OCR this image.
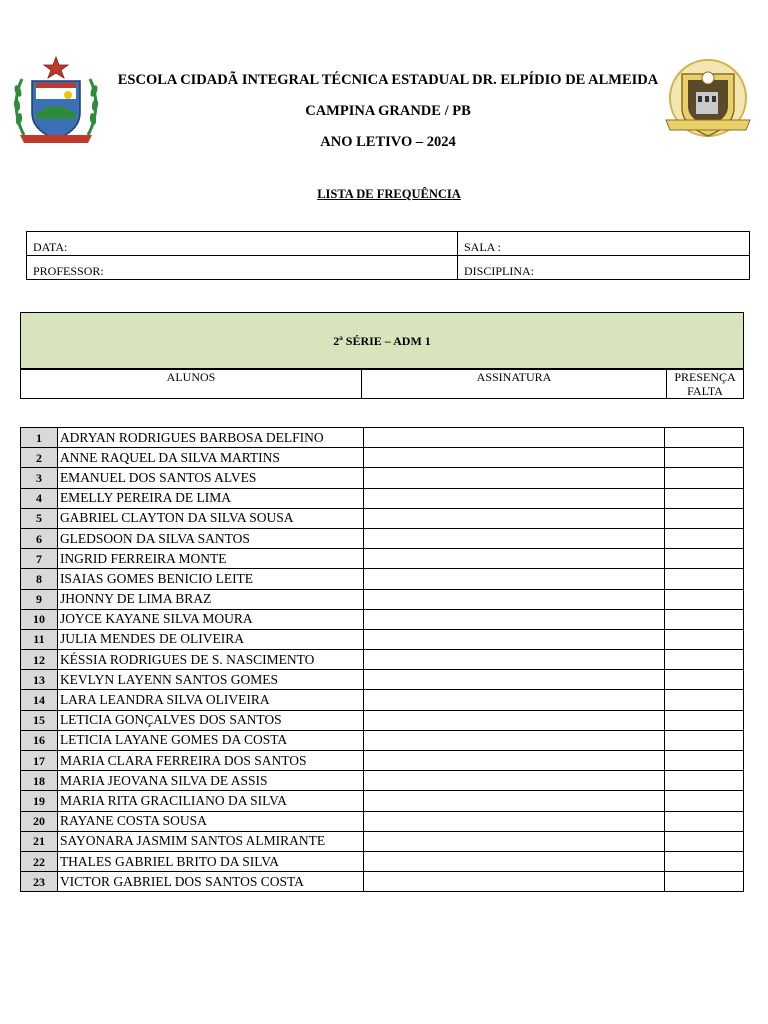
ESCOLA CIDADÃ INTEGRAL TÉCNICA ESTADUAL DR. ELPÍDIO DE ALMEIDA
CAMPINA GRANDE / PB
ANO LETIVO – 2024
LISTA DE FREQUÊNCIA
DATA:	SALA :
PROFESSOR:	DISCIPLINA:
2ª SÉRIE – ADM 1
ALUNOS	ASSINATURA	PRESENÇA
FALTA
1	ADRYAN RODRIGUES BARBOSA DELFINO		
2	ANNE RAQUEL DA SILVA MARTINS		
3	EMANUEL DOS SANTOS ALVES		
4	EMELLY PEREIRA DE LIMA		
5	GABRIEL CLAYTON DA SILVA SOUSA		
6	GLEDSOON DA SILVA SANTOS		
7	INGRID FERREIRA MONTE		
8	ISAIAS GOMES BENICIO LEITE		
9	JHONNY DE LIMA BRAZ		
10	JOYCE KAYANE SILVA MOURA		
11	JULIA MENDES DE OLIVEIRA		
12	KÉSSIA RODRIGUES DE S. NASCIMENTO		
13	KEVLYN LAYENN SANTOS GOMES		
14	LARA LEANDRA SILVA OLIVEIRA		
15	LETICIA GONÇALVES DOS SANTOS		
16	LETICIA LAYANE GOMES DA COSTA		
17	MARIA CLARA FERREIRA DOS SANTOS		
18	MARIA JEOVANA SILVA DE ASSIS		
19	MARIA RITA GRACILIANO DA SILVA		
20	RAYANE COSTA SOUSA		
21	SAYONARA JASMIM SANTOS ALMIRANTE		
22	THALES GABRIEL BRITO DA SILVA		
23	VICTOR GABRIEL DOS SANTOS COSTA		
